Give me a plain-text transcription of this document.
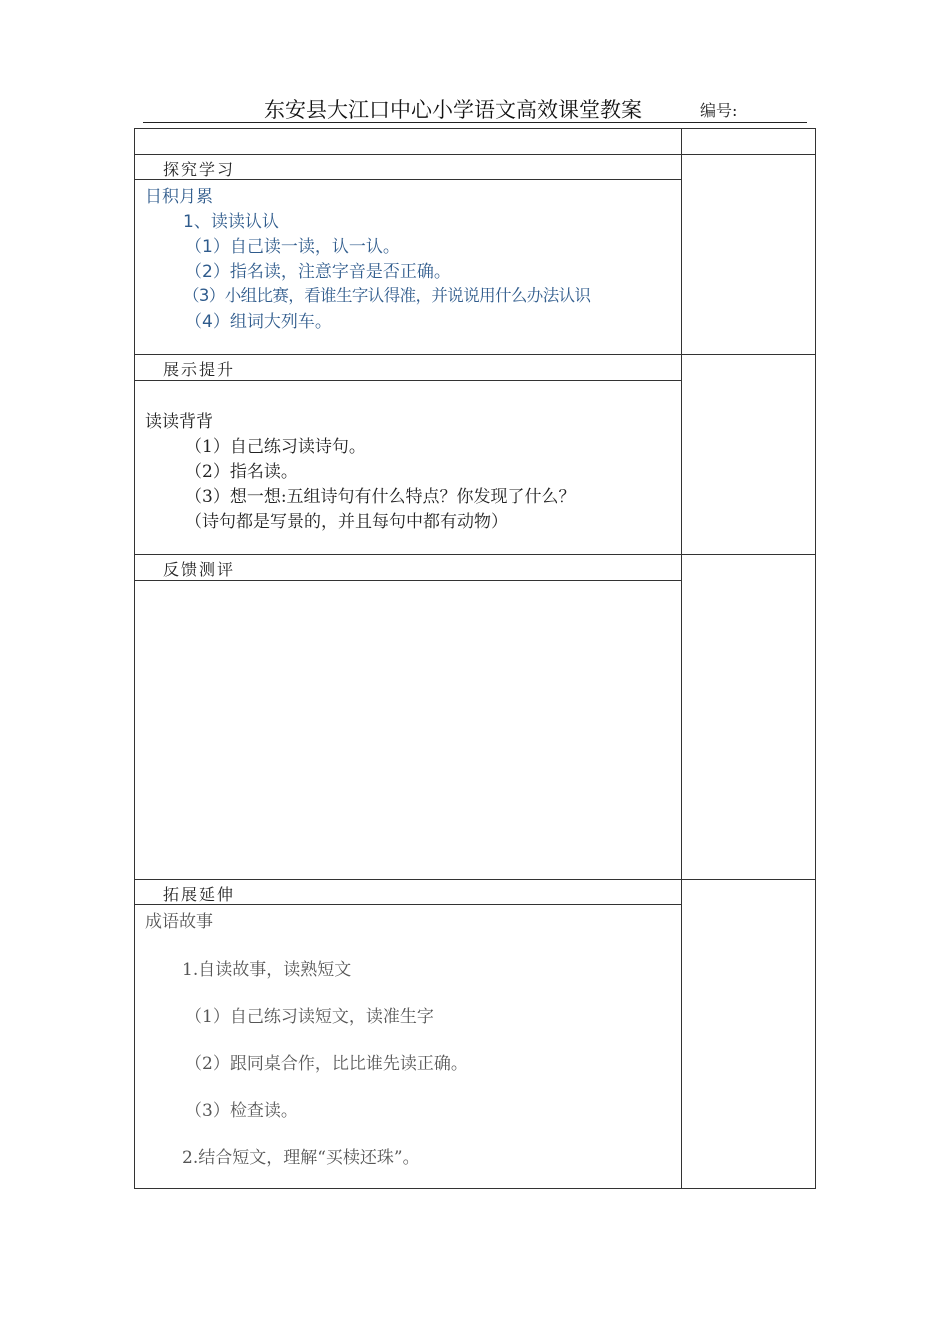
东安县大江口中心小学语文高效课堂教案	编号:
探究学习
日积月累
1、读读认认
（1）自己读一读，认一认。
（2）指名读，注意字音是否正确。
（3）小组比赛，看谁生字认得准，并说说用什么办法认识
（4）组词大列车。
展示提升
读读背背
（1）自己练习读诗句。
（2）指名读。
（3）想一想:五组诗句有什么特点？你发现了什么？
（诗句都是写景的，并且每句中都有动物）
反馈测评
拓展延伸
成语故事
1.自读故事，读熟短文
（1）自己练习读短文，读准生字
（2）跟同桌合作，比比谁先读正确。
（3）检查读。
2.结合短文，理解“买椟还珠”。
